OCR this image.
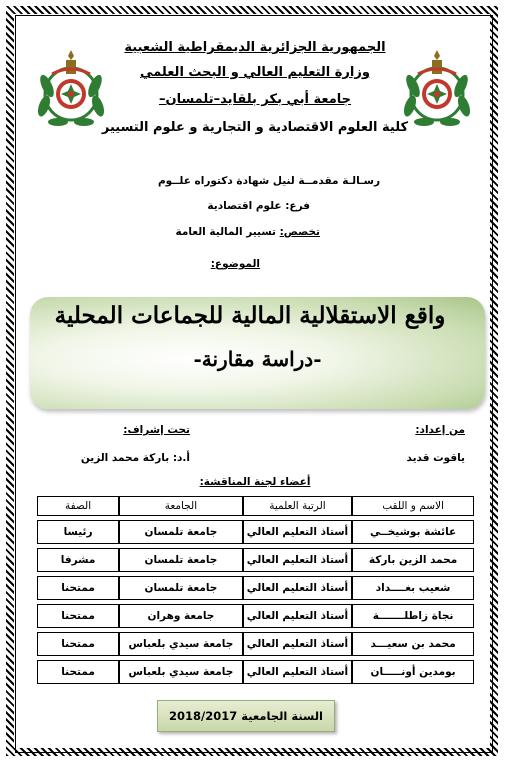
الجمهورية الجزائرية الديمقراطية الشعبية
وزارة التعليم العالي و البحث العلمي
جامعة أبي بكر بلقايد–تلمسان–
كلية العلوم الاقتصادية و التجارية و علوم التسيير
رسـالـة مقدمــة لنيل شهادة دكتوراه علــوم
فرع: علوم اقتصادية
تخصص: تسيير المالية العامة
الموضوع:
واقع الاستقلالية المالية للجماعات المحلية
-دراسة مقارنة-
من إعداد:
ياقوت قديد
تحت إشراف:
أ.د: باركة محمد الزين
أعضاء لجنة المناقشة:
الاسم و اللقب	الرتبة العلمية	الجامعة	الصفة

عائشة بوشيخــي	أستاذ التعليم العالي	جامعة تلمسان	رئيسا

محمد الزين باركة	أستاذ التعليم العالي	جامعة تلمسان	مشرفا

شعيب بغــــداد	أستاذ التعليم العالي	جامعة تلمسان	ممتحنا

نجاة زاطلـــــــة	أستاذ التعليم العالي	جامعة وهران	ممتحنا

محمد بن سعيـــد	أستاذ التعليم العالي	جامعة سيدي بلعباس	ممتحنا

بومدين أونـــــان	أستاذ التعليم العالي	جامعة سيدي بلعباس	ممتحنا
السنة الجامعية 2018/2017
